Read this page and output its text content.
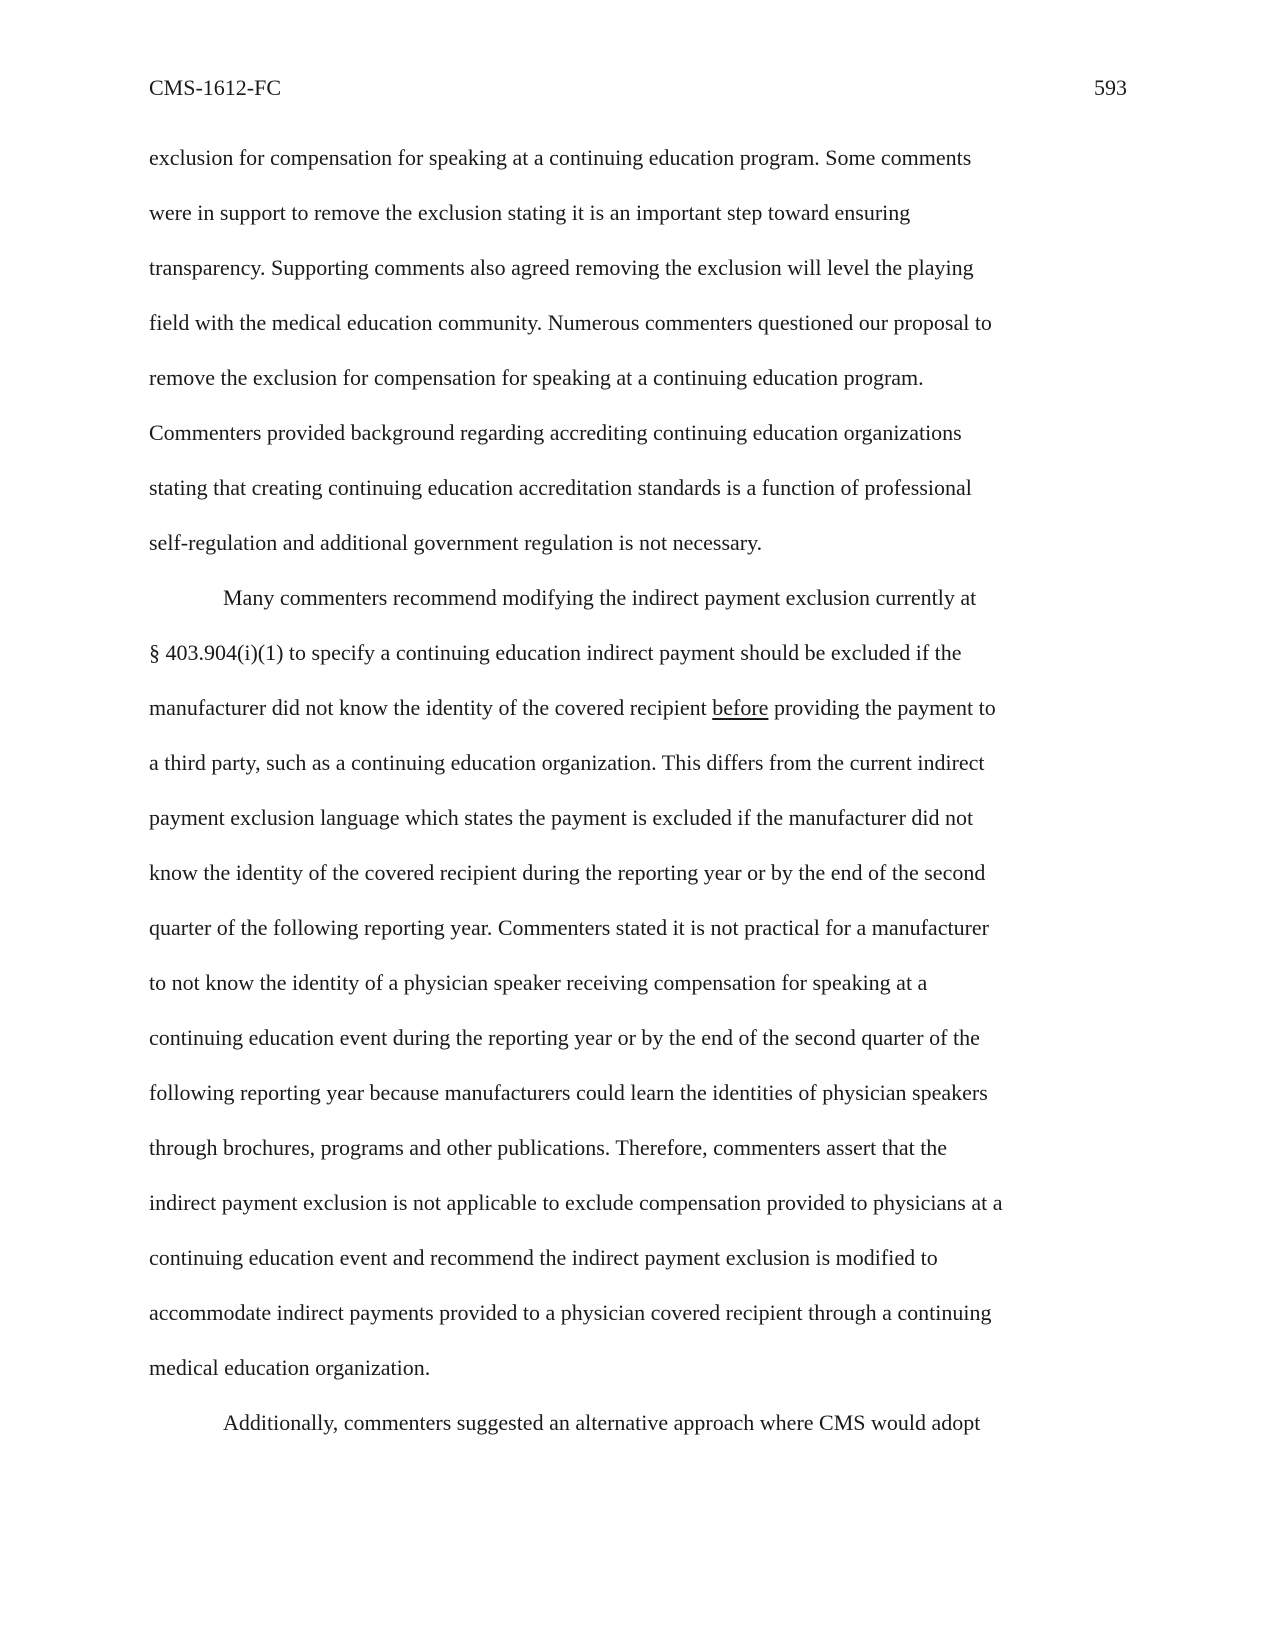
CMS-1612-FC	593
exclusion for compensation for speaking at a continuing education program. Some comments
were in support to remove the exclusion stating it is an important step toward ensuring
transparency. Supporting comments also agreed removing the exclusion will level the playing
field with the medical education community. Numerous commenters questioned our proposal to
remove the exclusion for compensation for speaking at a continuing education program.
Commenters provided background regarding accrediting continuing education organizations
stating that creating continuing education accreditation standards is a function of professional
self-regulation and additional government regulation is not necessary.
Many commenters recommend modifying the indirect payment exclusion currently at
§ 403.904(i)(1) to specify a continuing education indirect payment should be excluded if the
manufacturer did not know the identity of the covered recipient before providing the payment to
a third party, such as a continuing education organization. This differs from the current indirect
payment exclusion language which states the payment is excluded if the manufacturer did not
know the identity of the covered recipient during the reporting year or by the end of the second
quarter of the following reporting year. Commenters stated it is not practical for a manufacturer
to not know the identity of a physician speaker receiving compensation for speaking at a
continuing education event during the reporting year or by the end of the second quarter of the
following reporting year because manufacturers could learn the identities of physician speakers
through brochures, programs and other publications. Therefore, commenters assert that the
indirect payment exclusion is not applicable to exclude compensation provided to physicians at a
continuing education event and recommend the indirect payment exclusion is modified to
accommodate indirect payments provided to a physician covered recipient through a continuing
medical education organization.
Additionally, commenters suggested an alternative approach where CMS would adopt
